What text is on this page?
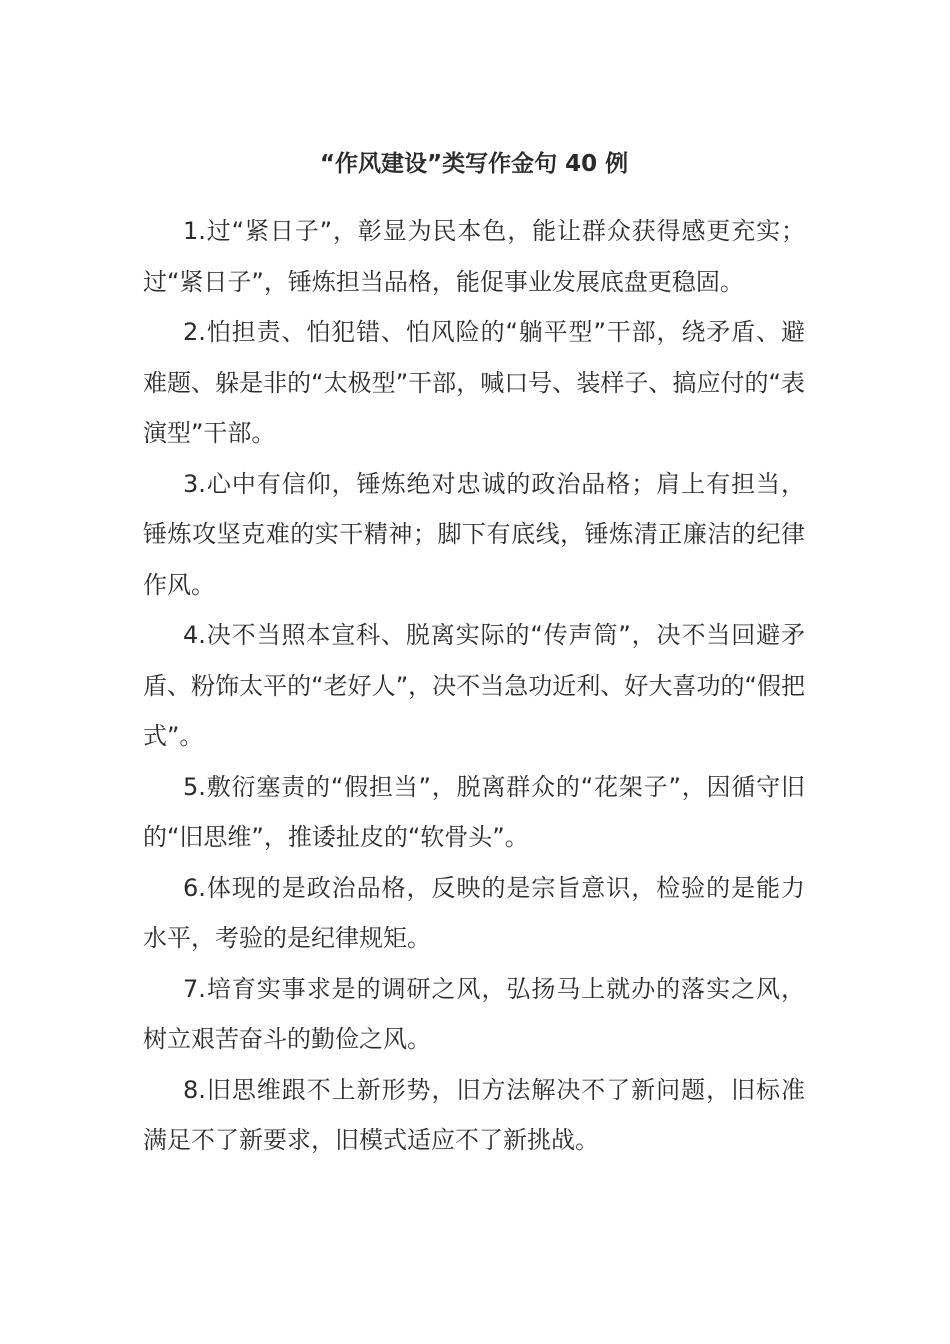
“作风建设”类写作金句 40 例

1.过“紧日子”，彰显为民本色，能让群众获得感更充实；过“紧日子”，锤炼担当品格，能促事业发展底盘更稳固。

2.怕担责、怕犯错、怕风险的“躺平型”干部，绕矛盾、避难题、躲是非的“太极型”干部，喊口号、装样子、搞应付的“表演型”干部。

3.心中有信仰，锤炼绝对忠诚的政治品格；肩上有担当，锤炼攻坚克难的实干精神；脚下有底线，锤炼清正廉洁的纪律作风。

4.决不当照本宣科、脱离实际的“传声筒”，决不当回避矛盾、粉饰太平的“老好人”，决不当急功近利、好大喜功的“假把式”。

5.敷衍塞责的“假担当”，脱离群众的“花架子”，因循守旧的“旧思维”，推诿扯皮的“软骨头”。

6.体现的是政治品格，反映的是宗旨意识，检验的是能力水平，考验的是纪律规矩。

7.培育实事求是的调研之风，弘扬马上就办的落实之风，树立艰苦奋斗的勤俭之风。

8.旧思维跟不上新形势，旧方法解决不了新问题，旧标准满足不了新要求，旧模式适应不了新挑战。
